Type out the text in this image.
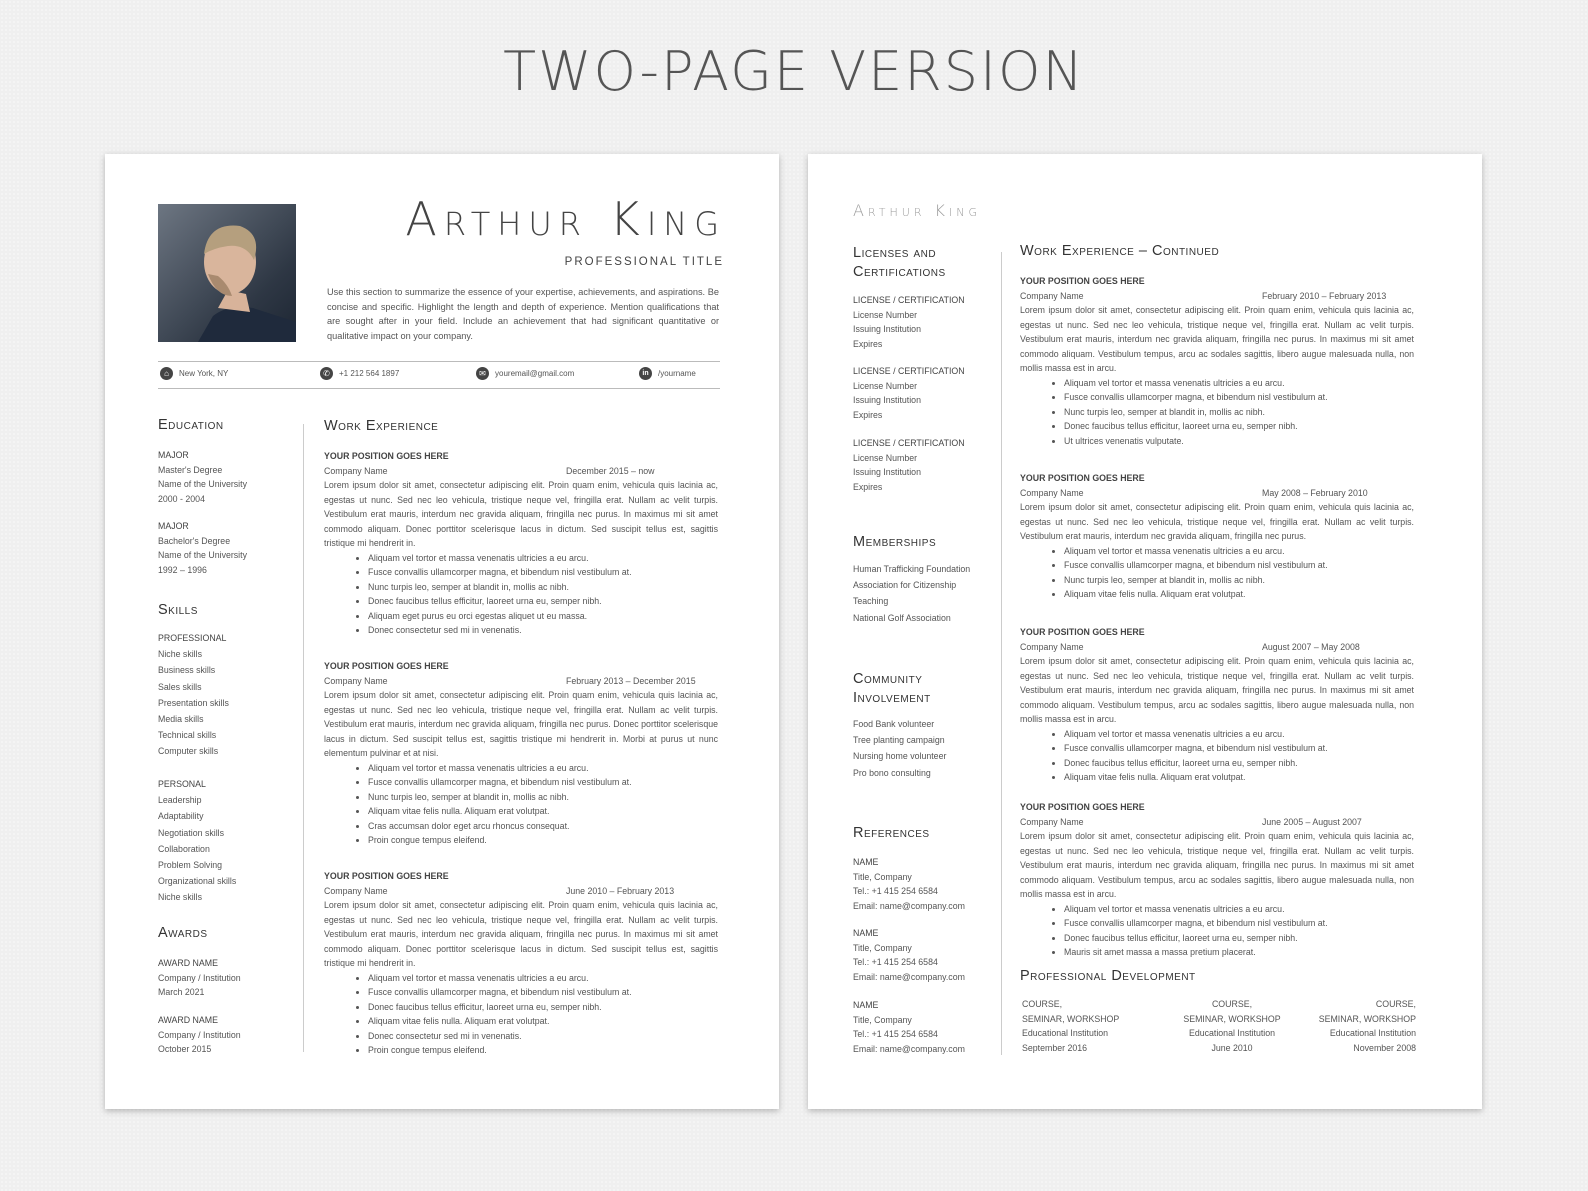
TWO-PAGE VERSION
Arthur King
PROFESSIONAL TITLE
Use this section to summarize the essence of your expertise, achievements, and aspirations. Be concise and specific. Highlight the length and depth of experience. Mention qualifications that are sought after in your field. Include an achievement that had significant quantitative or qualitative impact on your company.
⌂	New York, NY	✆	+1 212 564 1897	✉	youremail@gmail.com	in	/yourname
Education
MAJOR
Master's Degree
Name of the University
2000 - 2004
MAJOR
Bachelor's Degree
Name of the University
1992 – 1996
Skills
PROFESSIONAL
Niche skills
Business skills
Sales skills
Presentation skills
Media skills
Technical skills
Computer skills
PERSONAL
Leadership
Adaptability
Negotiation skills
Collaboration
Problem Solving
Organizational skills
Niche skills
Awards
AWARD NAME
Company / Institution
March 2021
AWARD NAME
Company / Institution
October 2015
Work Experience
YOUR POSITION GOES HERE
Company Name	December 2015 – now
Lorem ipsum dolor sit amet, consectetur adipiscing elit. Proin quam enim, vehicula quis lacinia ac, egestas ut nunc. Sed nec leo vehicula, tristique neque vel, fringilla erat. Nullam ac velit turpis. Vestibulum erat mauris, interdum nec gravida aliquam, fringilla nec purus. In maximus mi sit amet commodo aliquam. Donec porttitor scelerisque lacus in dictum. Sed suscipit tellus est, sagittis tristique mi hendrerit in.
• Aliquam vel tortor et massa venenatis ultricies a eu arcu.
• Fusce convallis ullamcorper magna, et bibendum nisl vestibulum at.
• Nunc turpis leo, semper at blandit in, mollis ac nibh.
• Donec faucibus tellus efficitur, laoreet urna eu, semper nibh.
• Aliquam eget purus eu orci egestas aliquet ut eu massa.
• Donec consectetur sed mi in venenatis.
YOUR POSITION GOES HERE
Company Name	February 2013 – December 2015
Lorem ipsum dolor sit amet, consectetur adipiscing elit. Proin quam enim, vehicula quis lacinia ac, egestas ut nunc. Sed nec leo vehicula, tristique neque vel, fringilla erat. Nullam ac velit turpis. Vestibulum erat mauris, interdum nec gravida aliquam, fringilla nec purus. Donec porttitor scelerisque lacus in dictum. Sed suscipit tellus est, sagittis tristique mi hendrerit in. Morbi at purus ut nunc elementum pulvinar et at nisi.
• Aliquam vel tortor et massa venenatis ultricies a eu arcu.
• Fusce convallis ullamcorper magna, et bibendum nisl vestibulum at.
• Nunc turpis leo, semper at blandit in, mollis ac nibh.
• Aliquam vitae felis nulla. Aliquam erat volutpat.
• Cras accumsan dolor eget arcu rhoncus consequat.
• Proin congue tempus eleifend.
YOUR POSITION GOES HERE
Company Name	June 2010 – February 2013
Lorem ipsum dolor sit amet, consectetur adipiscing elit. Proin quam enim, vehicula quis lacinia ac, egestas ut nunc. Sed nec leo vehicula, tristique neque vel, fringilla erat. Nullam ac velit turpis. Vestibulum erat mauris, interdum nec gravida aliquam, fringilla nec purus. In maximus mi sit amet commodo aliquam. Donec porttitor scelerisque lacus in dictum. Sed suscipit tellus est, sagittis tristique mi hendrerit in.
• Aliquam vel tortor et massa venenatis ultricies a eu arcu.
• Fusce convallis ullamcorper magna, et bibendum nisl vestibulum at.
• Donec faucibus tellus efficitur, laoreet urna eu, semper nibh.
• Aliquam vitae felis nulla. Aliquam erat volutpat.
• Donec consectetur sed mi in venenatis.
• Proin congue tempus eleifend.
Arthur King
Licenses and
Certifications
LICENSE / CERTIFICATION
License Number
Issuing Institution
Expires
LICENSE / CERTIFICATION
License Number
Issuing Institution
Expires
LICENSE / CERTIFICATION
License Number
Issuing Institution
Expires
Memberships
Human Trafficking Foundation
Association for Citizenship
Teaching
National Golf Association
Community
Involvement
Food Bank volunteer
Tree planting campaign
Nursing home volunteer
Pro bono consulting
References
NAME
Title, Company
Tel.: +1 415 254 6584
Email: name@company.com
NAME
Title, Company
Tel.: +1 415 254 6584
Email: name@company.com
NAME
Title, Company
Tel.: +1 415 254 6584
Email: name@company.com
Work Experience – Continued
YOUR POSITION GOES HERE
Company Name	February 2010 – February 2013
Lorem ipsum dolor sit amet, consectetur adipiscing elit. Proin quam enim, vehicula quis lacinia ac, egestas ut nunc. Sed nec leo vehicula, tristique neque vel, fringilla erat. Nullam ac velit turpis. Vestibulum erat mauris, interdum nec gravida aliquam, fringilla nec purus. In maximus mi sit amet commodo aliquam. Vestibulum tempus, arcu ac sodales sagittis, libero augue malesuada nulla, non mollis massa est in arcu.
• Aliquam vel tortor et massa venenatis ultricies a eu arcu.
• Fusce convallis ullamcorper magna, et bibendum nisl vestibulum at.
• Nunc turpis leo, semper at blandit in, mollis ac nibh.
• Donec faucibus tellus efficitur, laoreet urna eu, semper nibh.
• Ut ultrices venenatis vulputate.
YOUR POSITION GOES HERE
Company Name	May 2008 – February 2010
Lorem ipsum dolor sit amet, consectetur adipiscing elit. Proin quam enim, vehicula quis lacinia ac, egestas ut nunc. Sed nec leo vehicula, tristique neque vel, fringilla erat. Nullam ac velit turpis. Vestibulum erat mauris, interdum nec gravida aliquam, fringilla nec purus.
• Aliquam vel tortor et massa venenatis ultricies a eu arcu.
• Fusce convallis ullamcorper magna, et bibendum nisl vestibulum at.
• Nunc turpis leo, semper at blandit in, mollis ac nibh.
• Aliquam vitae felis nulla. Aliquam erat volutpat.
YOUR POSITION GOES HERE
Company Name	August 2007 – May 2008
Lorem ipsum dolor sit amet, consectetur adipiscing elit. Proin quam enim, vehicula quis lacinia ac, egestas ut nunc. Sed nec leo vehicula, tristique neque vel, fringilla erat. Nullam ac velit turpis. Vestibulum erat mauris, interdum nec gravida aliquam, fringilla nec purus. In maximus mi sit amet commodo aliquam. Vestibulum tempus, arcu ac sodales sagittis, libero augue malesuada nulla, non mollis massa est in arcu.
• Aliquam vel tortor et massa venenatis ultricies a eu arcu.
• Fusce convallis ullamcorper magna, et bibendum nisl vestibulum at.
• Donec faucibus tellus efficitur, laoreet urna eu, semper nibh.
• Aliquam vitae felis nulla. Aliquam erat volutpat.
YOUR POSITION GOES HERE
Company Name	June 2005 – August 2007
Lorem ipsum dolor sit amet, consectetur adipiscing elit. Proin quam enim, vehicula quis lacinia ac, egestas ut nunc. Sed nec leo vehicula, tristique neque vel, fringilla erat. Nullam ac velit turpis. Vestibulum erat mauris, interdum nec gravida aliquam, fringilla nec purus. In maximus mi sit amet commodo aliquam. Vestibulum tempus, arcu ac sodales sagittis, libero augue malesuada nulla, non mollis massa est in arcu.
• Aliquam vel tortor et massa venenatis ultricies a eu arcu.
• Fusce convallis ullamcorper magna, et bibendum nisl vestibulum at.
• Donec faucibus tellus efficitur, laoreet urna eu, semper nibh.
• Mauris sit amet massa a massa pretium placerat.
Professional Development
COURSE,
SEMINAR, WORKSHOP
Educational Institution
September 2016
COURSE,
SEMINAR, WORKSHOP
Educational Institution
June 2010
COURSE,
SEMINAR, WORKSHOP
Educational Institution
November 2008
